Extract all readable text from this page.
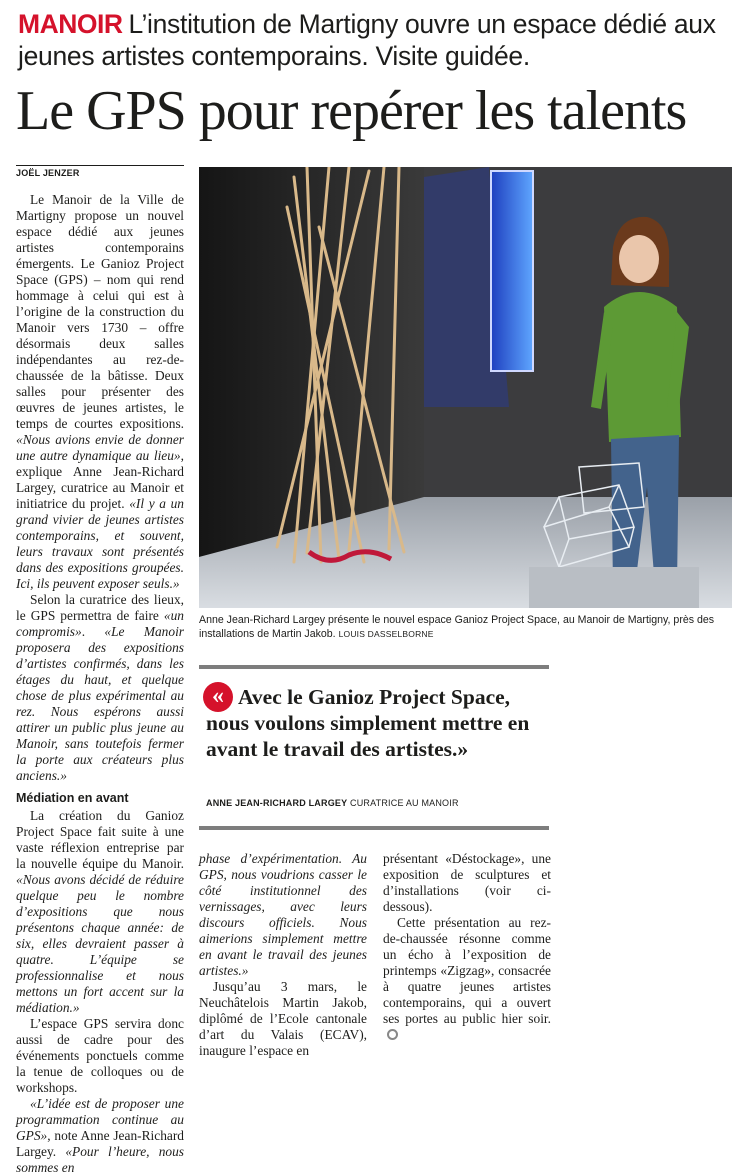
MANOIR L’institution de Martigny ouvre un espace dédié aux jeunes artistes contemporains. Visite guidée.
Le GPS pour repérer les talents
JOËL JENZER

Le Manoir de la Ville de Martigny propose un nouvel espace dédié aux jeunes artistes contemporains émergents. Le Ganioz Project Space (GPS) – nom qui rend hommage à celui qui est à l’origine de la construction du Manoir vers 1730 – offre désormais deux salles indépendantes au rez-de-chaussée de la bâtisse. Deux salles pour présenter des œuvres de jeunes artistes, le temps de courtes expositions. «Nous avions envie de donner une autre dynamique au lieu», explique Anne Jean-Richard Largey, curatrice au Manoir et initiatrice du projet. «Il y a un grand vivier de jeunes artistes contemporains, et souvent, leurs travaux sont présentés dans des expositions groupées. Ici, ils peuvent exposer seuls.»

Selon la curatrice des lieux, le GPS permettra de faire «un compromis». «Le Manoir proposera des expositions d’artistes confirmés, dans les étages du haut, et quelque chose de plus expérimental au rez. Nous espérons aussi attirer un public plus jeune au Manoir, sans toutefois fermer la porte aux créateurs plus anciens.»

Médiation en avant

La création du Ganioz Project Space fait suite à une vaste réflexion entreprise par la nouvelle équipe du Manoir. «Nous avons décidé de réduire quelque peu le nombre d’expositions que nous présentons chaque année: de six, elles devraient passer à quatre. L’équipe se professionnalise et nous mettons un fort accent sur la médiation.»

L’espace GPS servira donc aussi de cadre pour des événements ponctuels comme la tenue de colloques ou de workshops.

«L’idée est de proposer une programmation continue au GPS», note Anne Jean-Richard Largey. «Pour l’heure, nous sommes en

Anne Jean-Richard Largey présente le nouvel espace Ganioz Project Space, au Manoir de Martigny, près des installations de Martin Jakob. LOUIS DASSELBORNE
« Avec le Ganioz Project Space, nous voulons simplement mettre en avant le travail des artistes.»
ANNE JEAN-RICHARD LARGEY CURATRICE AU MANOIR

phase d’expérimentation. Au GPS, nous voudrions casser le côté institutionnel des vernissages, avec leurs discours officiels. Nous aimerions simplement mettre en avant le travail des jeunes artistes.»

Jusqu’au 3 mars, le Neuchâtelois Martin Jakob, diplômé de l’Ecole cantonale d’art du Valais (ECAV), inaugure l’espace en

présentant «Déstockage», une exposition de sculptures et d’installations (voir ci-dessous).

Cette présentation au rez-de-chaussée résonne comme un écho à l’exposition de printemps «Zigzag», consacrée à quatre jeunes artistes contemporains, qui a ouvert ses portes au public hier soir.
